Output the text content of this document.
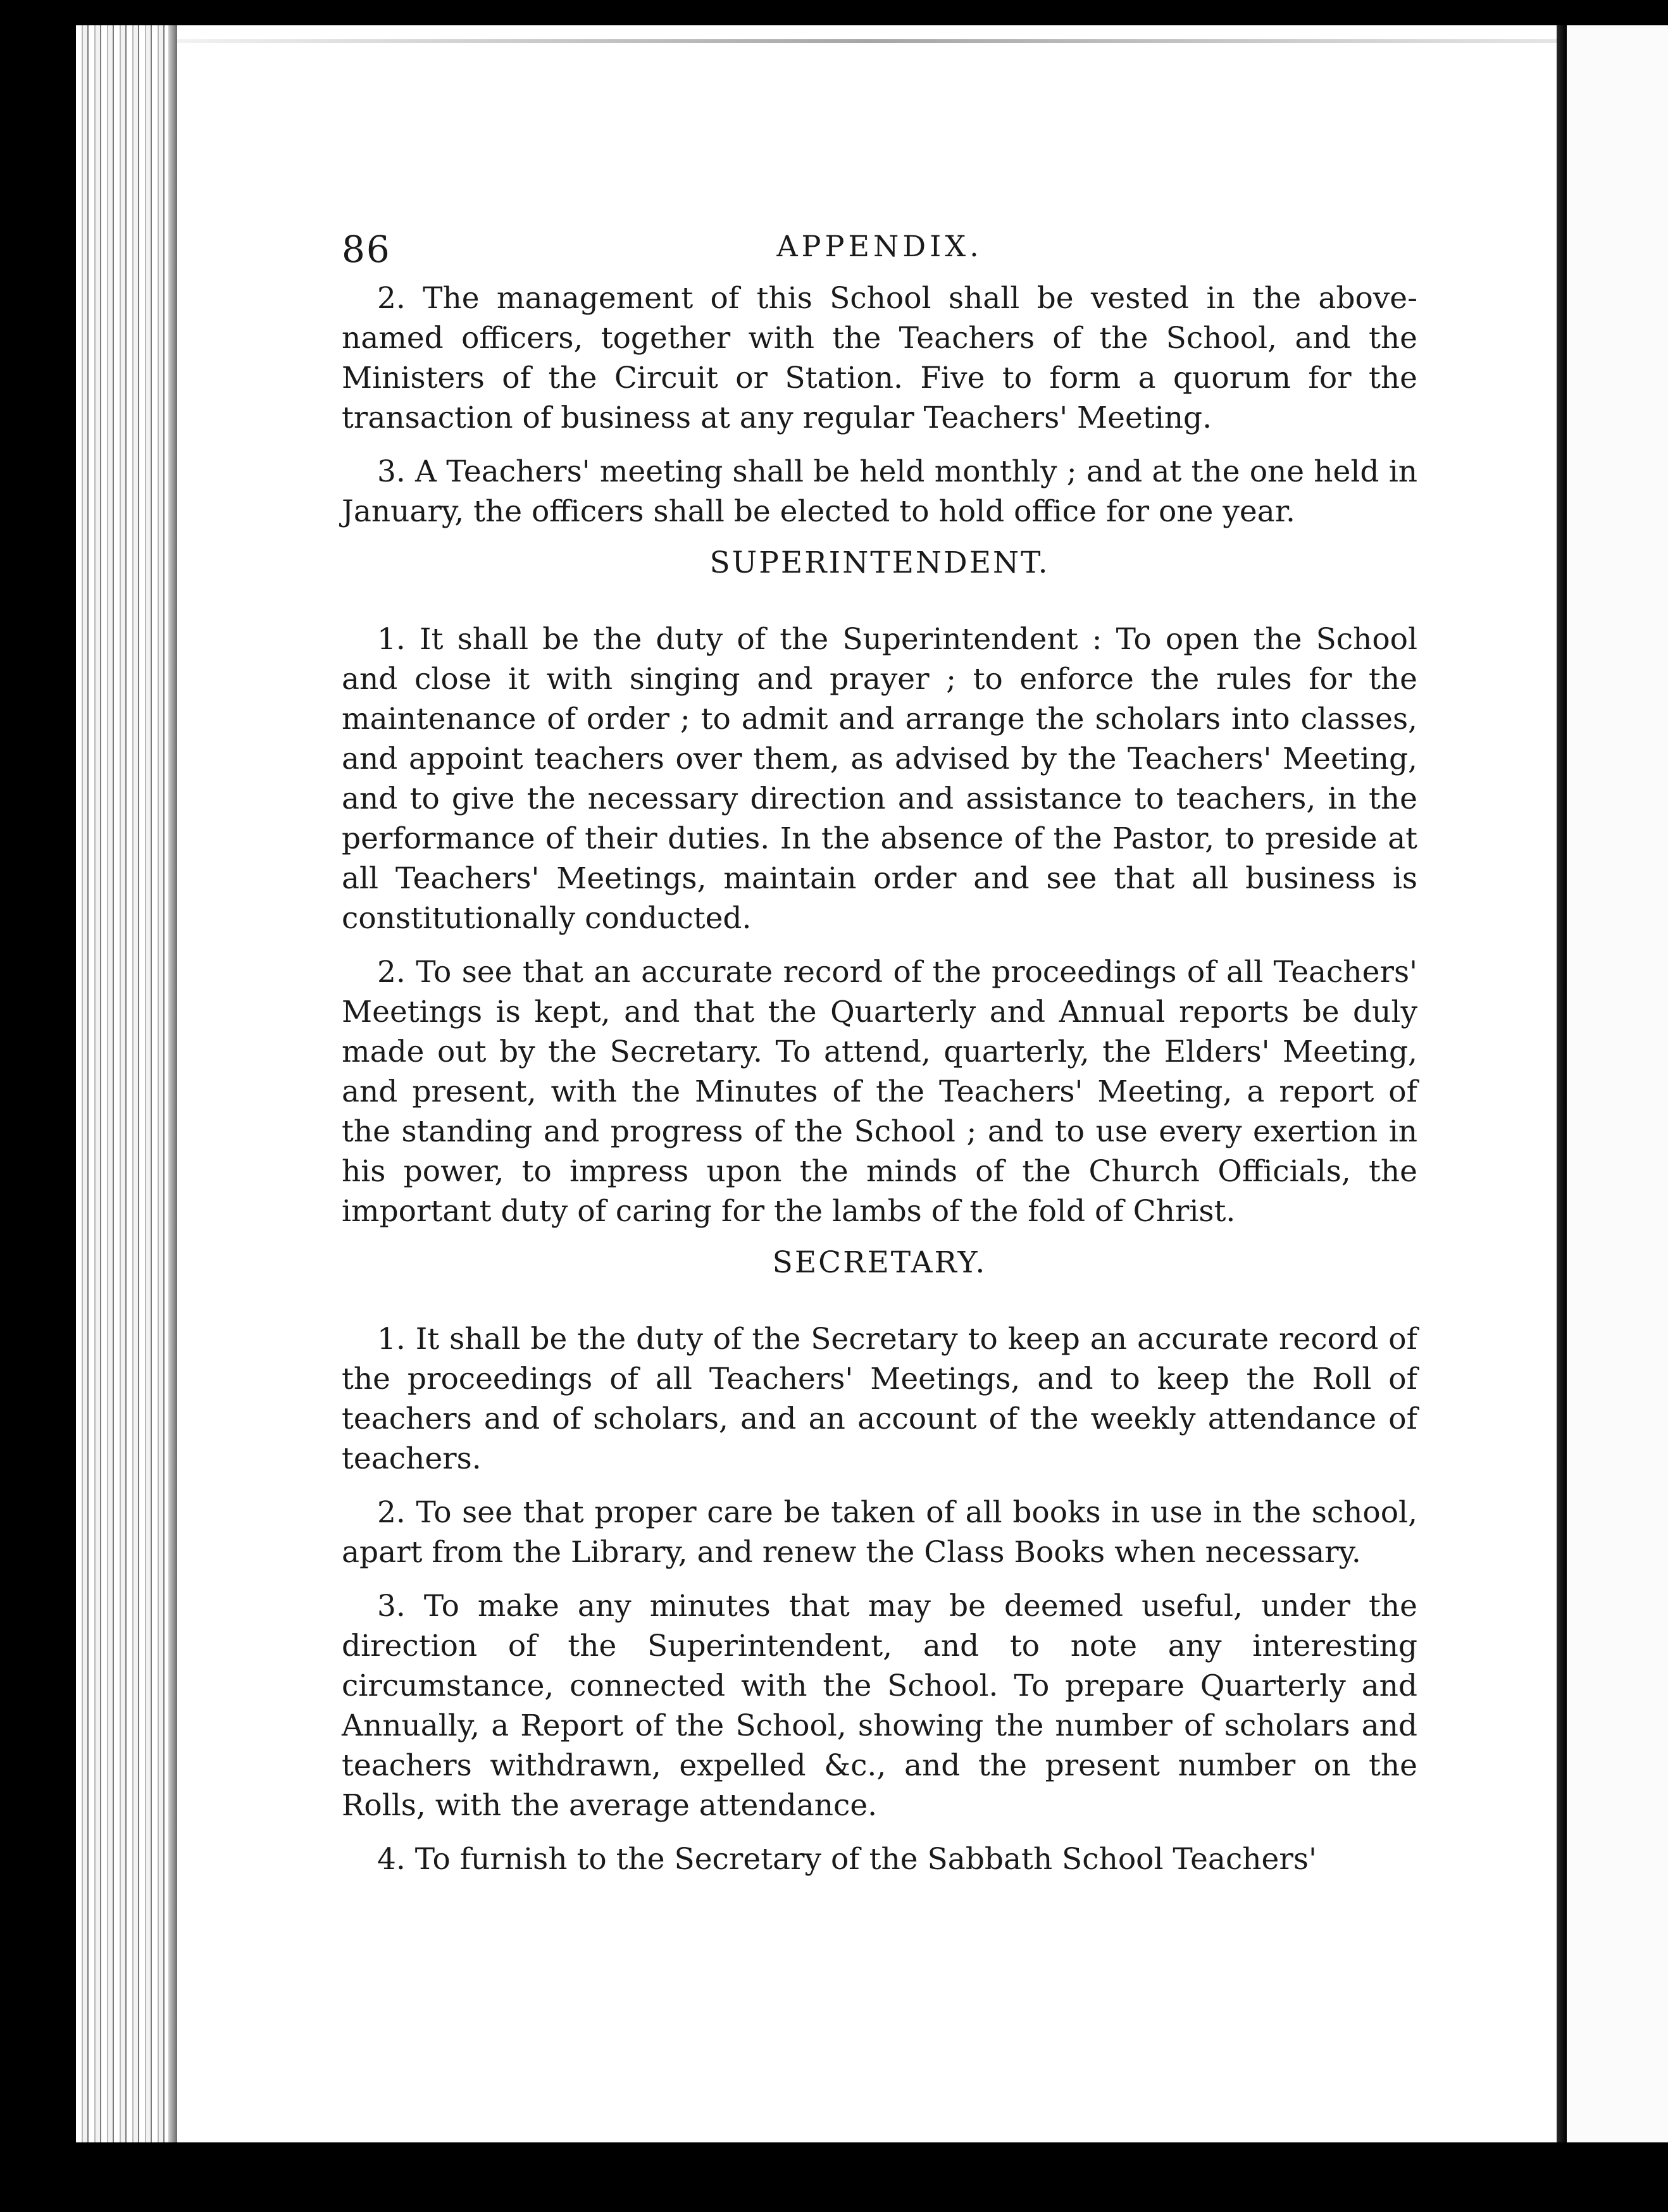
86	APPENDIX.

2. The management of this School shall be vested in the above-named officers, together with the Teachers of the School, and the Ministers of the Circuit or Station. Five to form a quorum for the transaction of business at any regular Teachers' Meeting.

3. A Teachers' meeting shall be held monthly ; and at the one held in January, the officers shall be elected to hold office for one year.

SUPERINTENDENT.

1. It shall be the duty of the Superintendent : To open the School and close it with singing and prayer ; to enforce the rules for the maintenance of order ; to admit and arrange the scholars into classes, and appoint teachers over them, as advised by the Teachers' Meeting, and to give the necessary direction and assistance to teachers, in the performance of their duties. In the absence of the Pastor, to preside at all Teachers' Meetings, maintain order and see that all business is constitutionally conducted.

2. To see that an accurate record of the proceedings of all Teachers' Meetings is kept, and that the Quarterly and Annual reports be duly made out by the Secretary. To attend, quarterly, the Elders' Meeting, and present, with the Minutes of the Teachers' Meeting, a report of the standing and progress of the School ; and to use every exertion in his power, to impress upon the minds of the Church Officials, the important duty of caring for the lambs of the fold of Christ.

SECRETARY.

1. It shall be the duty of the Secretary to keep an accurate record of the proceedings of all Teachers' Meetings, and to keep the Roll of teachers and of scholars, and an account of the weekly attendance of teachers.

2. To see that proper care be taken of all books in use in the school, apart from the Library, and renew the Class Books when necessary.

3. To make any minutes that may be deemed useful, under the direction of the Superintendent, and to note any interesting circumstance, connected with the School. To prepare Quarterly and Annually, a Report of the School, showing the number of scholars and teachers withdrawn, expelled &c., and the present number on the Rolls, with the average attendance.

4. To furnish to the Secretary of the Sabbath School Teachers'
